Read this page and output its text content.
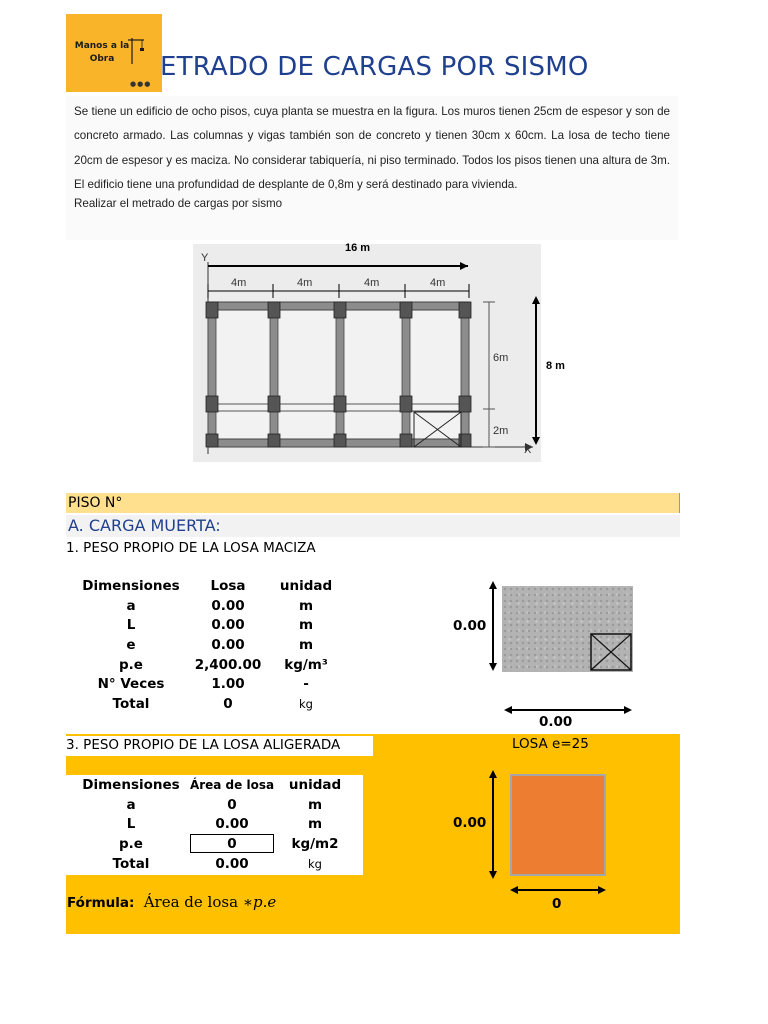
Manos a la
Obra
●●●
ETRADO DE CARGAS POR SISMO
Se tiene un edificio de ocho pisos, cuya planta se muestra en la figura. Los muros tienen 25cm de espesor y son de concreto armado. Las columnas y vigas también son de concreto y tienen 30cm x 60cm. La losa de techo tiene 20cm de espesor y es maciza. No considerar tabiquería, ni piso terminado. Todos los pisos tienen una altura de 3m. El edificio tiene una profundidad de desplante de 0,8m y será destinado para vivienda.
Realizar el metrado de cargas por sismo
Y
X
4m	4m	4m	4m
6m
2m
16 m
8 m
PISO N°
A. CARGA MUERTA:
1. PESO PROPIO DE LA LOSA MACIZA
Dimensiones	Losa	unidad
a	0.00	m
L	0.00	m
e	0.00	m
p.e	2,400.00	kg/m³
N° Veces	1.00	-
Total	0	kg
0.00
0.00
3. PESO PROPIO DE LA LOSA ALIGERADA	LOSA e=25
Dimensiones	Área de losa	unidad
a	0	m
L	0.00	m
p.e	0	kg/m2
Total	0.00	kg
Fórmula: Área de losa ∗p.e
0.00
0
